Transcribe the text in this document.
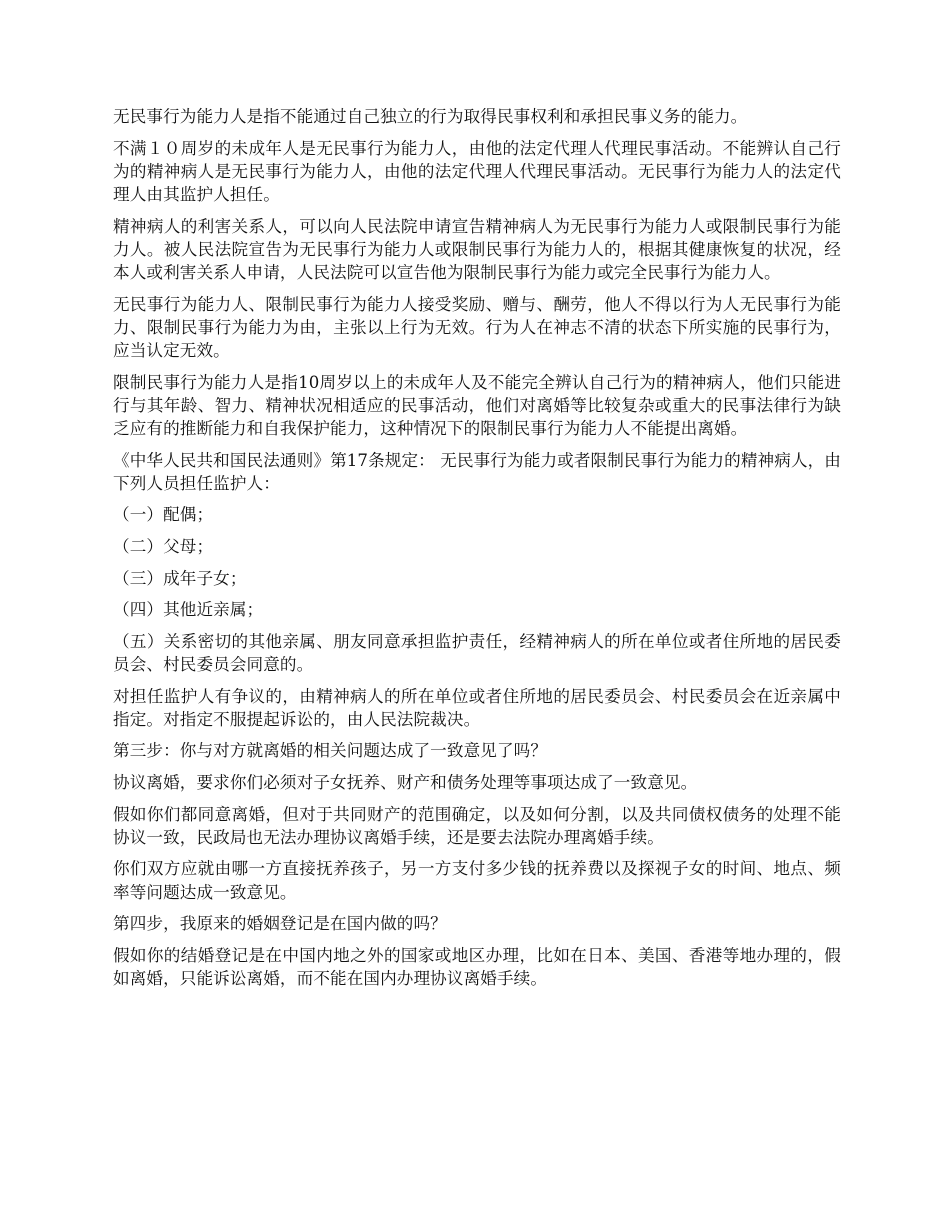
无民事行为能力人是指不能通过自己独立的行为取得民事权利和承担民事义务的能力。

不满１０周岁的未成年人是无民事行为能力人，由他的法定代理人代理民事活动。不能辨认自己行为的精神病人是无民事行为能力人，由他的法定代理人代理民事活动。无民事行为能力人的法定代理人由其监护人担任。

精神病人的利害关系人，可以向人民法院申请宣告精神病人为无民事行为能力人或限制民事行为能力人。被人民法院宣告为无民事行为能力人或限制民事行为能力人的，根据其健康恢复的状况，经本人或利害关系人申请，人民法院可以宣告他为限制民事行为能力或完全民事行为能力人。

无民事行为能力人、限制民事行为能力人接受奖励、赠与、酬劳，他人不得以行为人无民事行为能力、限制民事行为能力为由，主张以上行为无效。行为人在神志不清的状态下所实施的民事行为，应当认定无效。

限制民事行为能力人是指10周岁以上的未成年人及不能完全辨认自己行为的精神病人，他们只能进行与其年龄、智力、精神状况相适应的民事活动，他们对离婚等比较复杂或重大的民事法律行为缺乏应有的推断能力和自我保护能力，这种情况下的限制民事行为能力人不能提出离婚。

《中华人民共和国民法通则》第17条规定： 无民事行为能力或者限制民事行为能力的精神病人，由下列人员担任监护人：

（一）配偶；

（二）父母；

（三）成年子女；

（四）其他近亲属；

（五）关系密切的其他亲属、朋友同意承担监护责任，经精神病人的所在单位或者住所地的居民委员会、村民委员会同意的。

对担任监护人有争议的，由精神病人的所在单位或者住所地的居民委员会、村民委员会在近亲属中指定。对指定不服提起诉讼的，由人民法院裁决。

第三步：你与对方就离婚的相关问题达成了一致意见了吗？

协议离婚，要求你们必须对子女抚养、财产和债务处理等事项达成了一致意见。

假如你们都同意离婚，但对于共同财产的范围确定，以及如何分割，以及共同债权债务的处理不能协议一致，民政局也无法办理协议离婚手续，还是要去法院办理离婚手续。

你们双方应就由哪一方直接抚养孩子，另一方支付多少钱的抚养费以及探视子女的时间、地点、频率等问题达成一致意见。

第四步，我原来的婚姻登记是在国内做的吗？

假如你的结婚登记是在中国内地之外的国家或地区办理，比如在日本、美国、香港等地办理的，假如离婚，只能诉讼离婚，而不能在国内办理协议离婚手续。
